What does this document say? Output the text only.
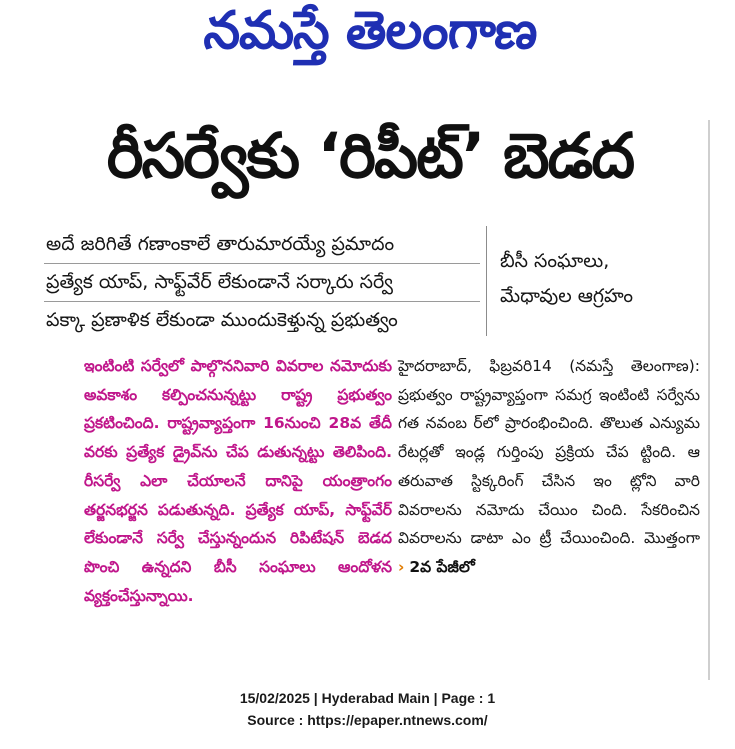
నమస్తే తెలంగాణ
రీసర్వేకు ‘రిపీట్’ బెడద
అదే జరిగితే గణాంకాలే తారుమారయ్యే ప్రమాదం
ప్రత్యేక యాప్, సాఫ్ట్‌వేర్ లేకుండానే సర్కారు సర్వే
పక్కా ప్రణాళిక లేకుండా ముందుకెళ్తున్న ప్రభుత్వం
బీసీ సంఘాలు,
మేధావుల ఆగ్రహం
ఇంటింటి సర్వేలో పాల్గొననివారి వివరాల నమోదుకు అవకాశం కల్పించనున్నట్టు రాష్ట్ర ప్రభుత్వం ప్రకటించింది. రాష్ట్రవ్యాప్తంగా 16నుంచి 28వ తేదీ వరకు ప్రత్యేక డ్రైవ్‌ను చేప డుతున్నట్టు తెలిపింది. రీసర్వే ఎలా చేయాలనే దానిపై యంత్రాంగం తర్జనభర్జన పడుతున్నది. ప్రత్యేక యాప్, సాఫ్ట్‌వేర్ లేకుండానే సర్వే చేస్తున్నందున రిపిటేషన్ బెడద పొంచి ఉన్నదని బీసీ సంఘాలు ఆందోళన వ్యక్తంచేస్తున్నాయి.
హైదరాబాద్, ఫిబ్రవరి14 (నమస్తే తెలంగాణ): ప్రభుత్వం రాష్ట్రవ్యాప్తంగా సమగ్ర ఇంటింటి సర్వేను గత నవంబ ర్‌లో ప్రారంభించింది. తొలుత ఎన్యుమ రేటర్లతో ఇండ్ల గుర్తింపు ప్రక్రియ చేప ట్టింది. ఆ తరువాత స్టిక్కరింగ్ చేసిన ఇం ట్లోని వారి వివరాలను నమోదు చేయిం చింది. సేకరించిన వివరాలను డాటా ఎం ట్రీ చేయించింది. మొత్తంగా › 2వ పేజీలో
15/02/2025 | Hyderabad Main | Page : 1
Source : https://epaper.ntnews.com/
